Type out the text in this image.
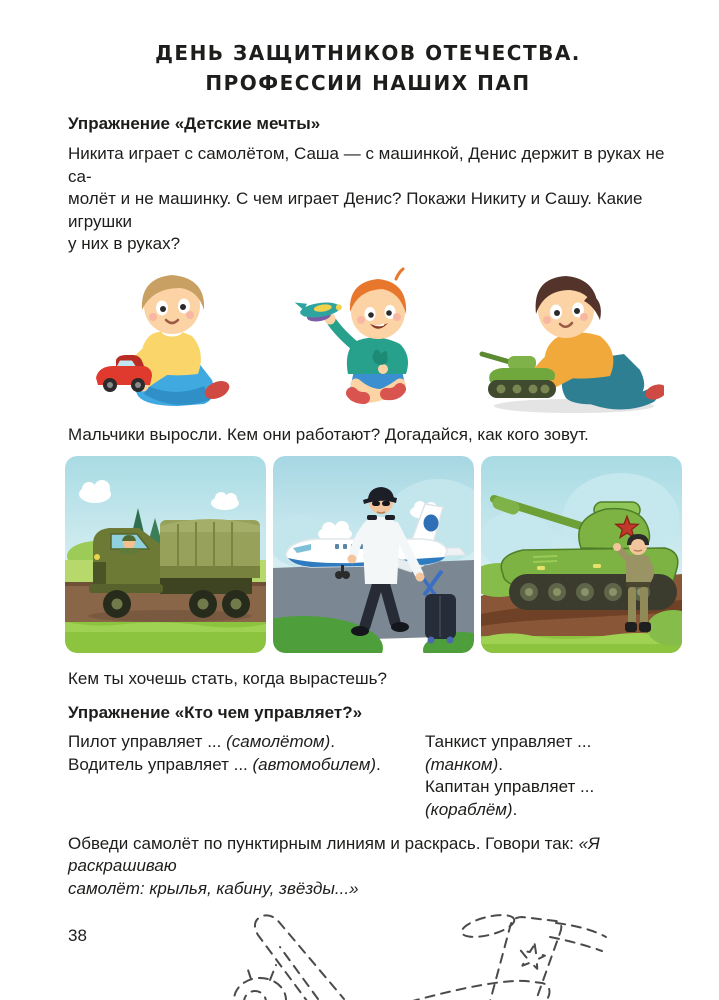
ДЕНЬ ЗАЩИТНИКОВ ОТЕЧЕСТВА.
ПРОФЕССИИ НАШИХ ПАП
Упражнение «Детские мечты»
Никита играет с самолётом, Саша — с машинкой, Денис держит в руках не са-
молёт и не машинку. С чем играет Денис? Покажи Никиту и Сашу. Какие игрушки
у них в руках?
Мальчики выросли. Кем они работают? Догадайся, как кого зовут.
Кем ты хочешь стать, когда вырастешь?
Упражнение «Кто чем управляет?»
Пилот управляет ... (самолётом).
Водитель управляет ... (автомобилем).
Танкист управляет ... (танком).
Капитан управляет ... (кораблём).
Обведи самолёт по пунктирным линиям и раскрась. Говори так: «Я раскрашиваю
самолёт: крылья, кабину, звёзды...»
38
